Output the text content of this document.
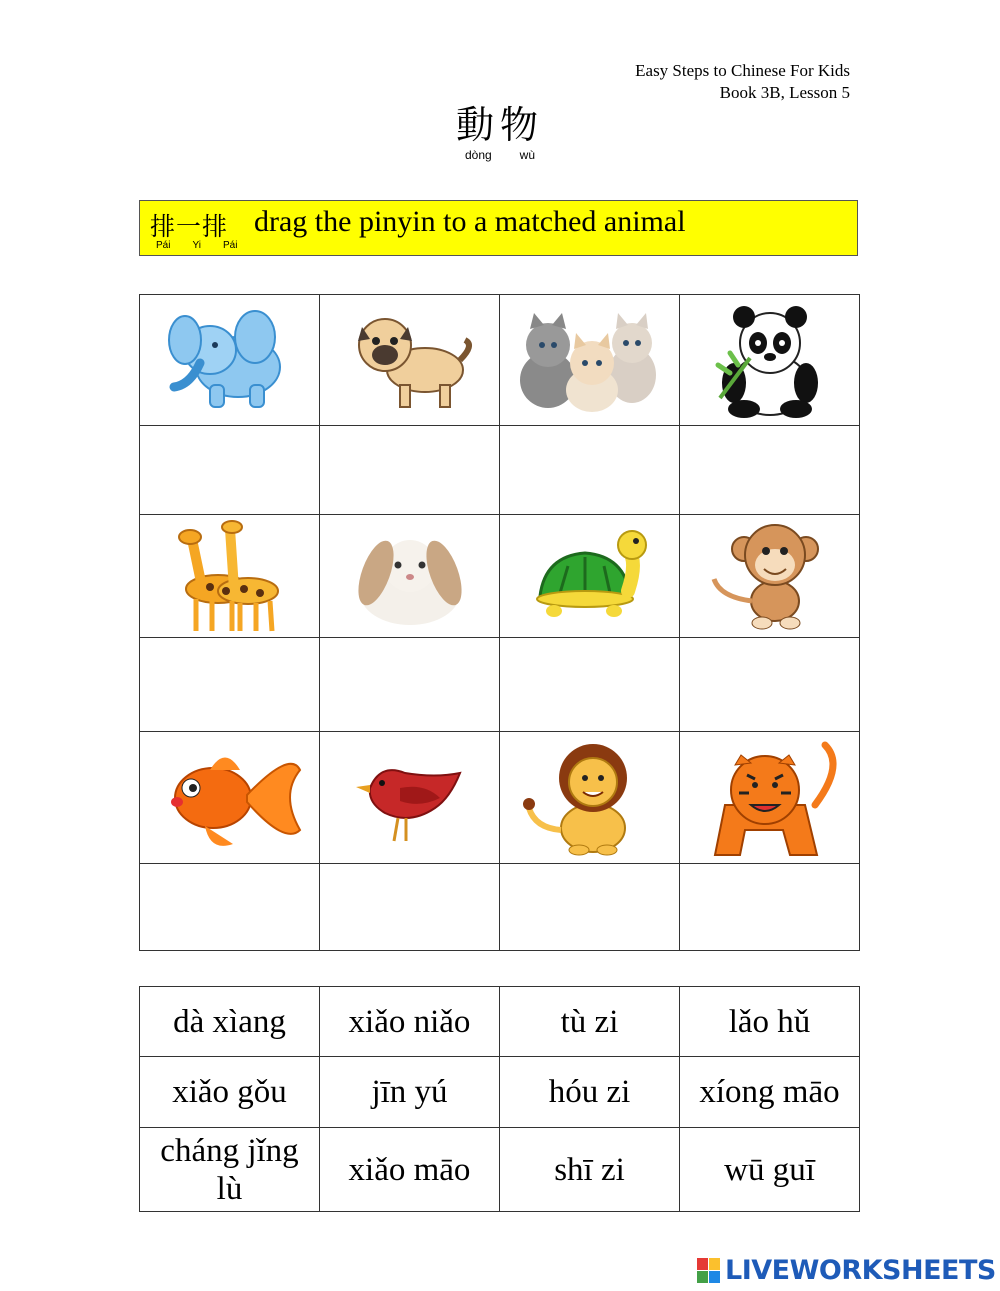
Easy Steps to Chinese For Kids
Book 3B, Lesson 5
動物
dòng wù
排一排 drag the pinyin to a matched animal
Pái Yi Pái

dà xìang	xiǎo niǎo	tù zi	lǎo hǔ
xiǎo gǒu	jīn yú	hóu zi	xíong māo
cháng jǐng lù	xiǎo māo	shī zi	wū guī
LIVEWORKSHEETS
